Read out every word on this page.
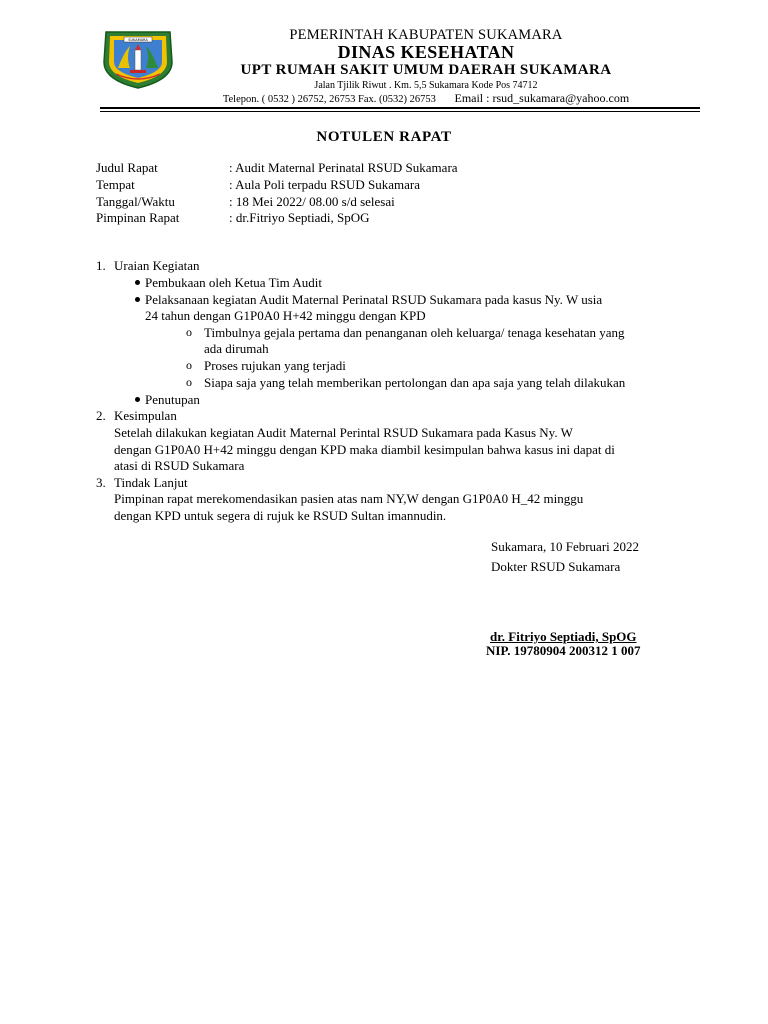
SUKAMARA	PEMERINTAH KABUPATEN SUKAMARA
DINAS KESEHATAN
UPT RUMAH SAKIT UMUM DAERAH SUKAMARA
Jalan Tjilik Riwut . Km. 5,5 Sukamara Kode Pos 74712
Telepon. ( 0532 ) 26752, 26753 Fax. (0532) 26753 Email : rsud_sukamara@yahoo.com
NOTULEN RAPAT
Judul Rapat	: Audit Maternal Perinatal RSUD Sukamara
Tempat	: Aula Poli terpadu RSUD Sukamara
Tanggal/Waktu	: 18 Mei 2022/ 08.00 s/d selesai
Pimpinan Rapat	: dr.Fitriyo Septiadi, SpOG
1. Uraian Kegiatan
Pembukaan oleh Ketua Tim Audit
Pelaksanaan kegiatan Audit Maternal Perinatal RSUD Sukamara pada kasus Ny. W usia
24 tahun dengan G1P0A0 H+42 minggu dengan KPD
o Timbulnya gejala pertama dan penanganan oleh keluarga/ tenaga kesehatan yang
ada dirumah
o Proses rujukan yang terjadi
o Siapa saja yang telah memberikan pertolongan dan apa saja yang telah dilakukan
Penutupan
2. Kesimpulan
Setelah dilakukan kegiatan Audit Maternal Perintal RSUD Sukamara pada Kasus Ny. W
dengan G1P0A0 H+42 minggu dengan KPD maka diambil kesimpulan bahwa kasus ini dapat di
atasi di RSUD Sukamara
3. Tindak Lanjut
Pimpinan rapat merekomendasikan pasien atas nam NY,W dengan G1P0A0 H_42 minggu
dengan KPD untuk segera di rujuk ke RSUD Sultan imannudin.
Sukamara, 10 Februari 2022
Dokter RSUD Sukamara
dr. Fitriyo Septiadi, SpOG
NIP. 19780904 200312 1 007
